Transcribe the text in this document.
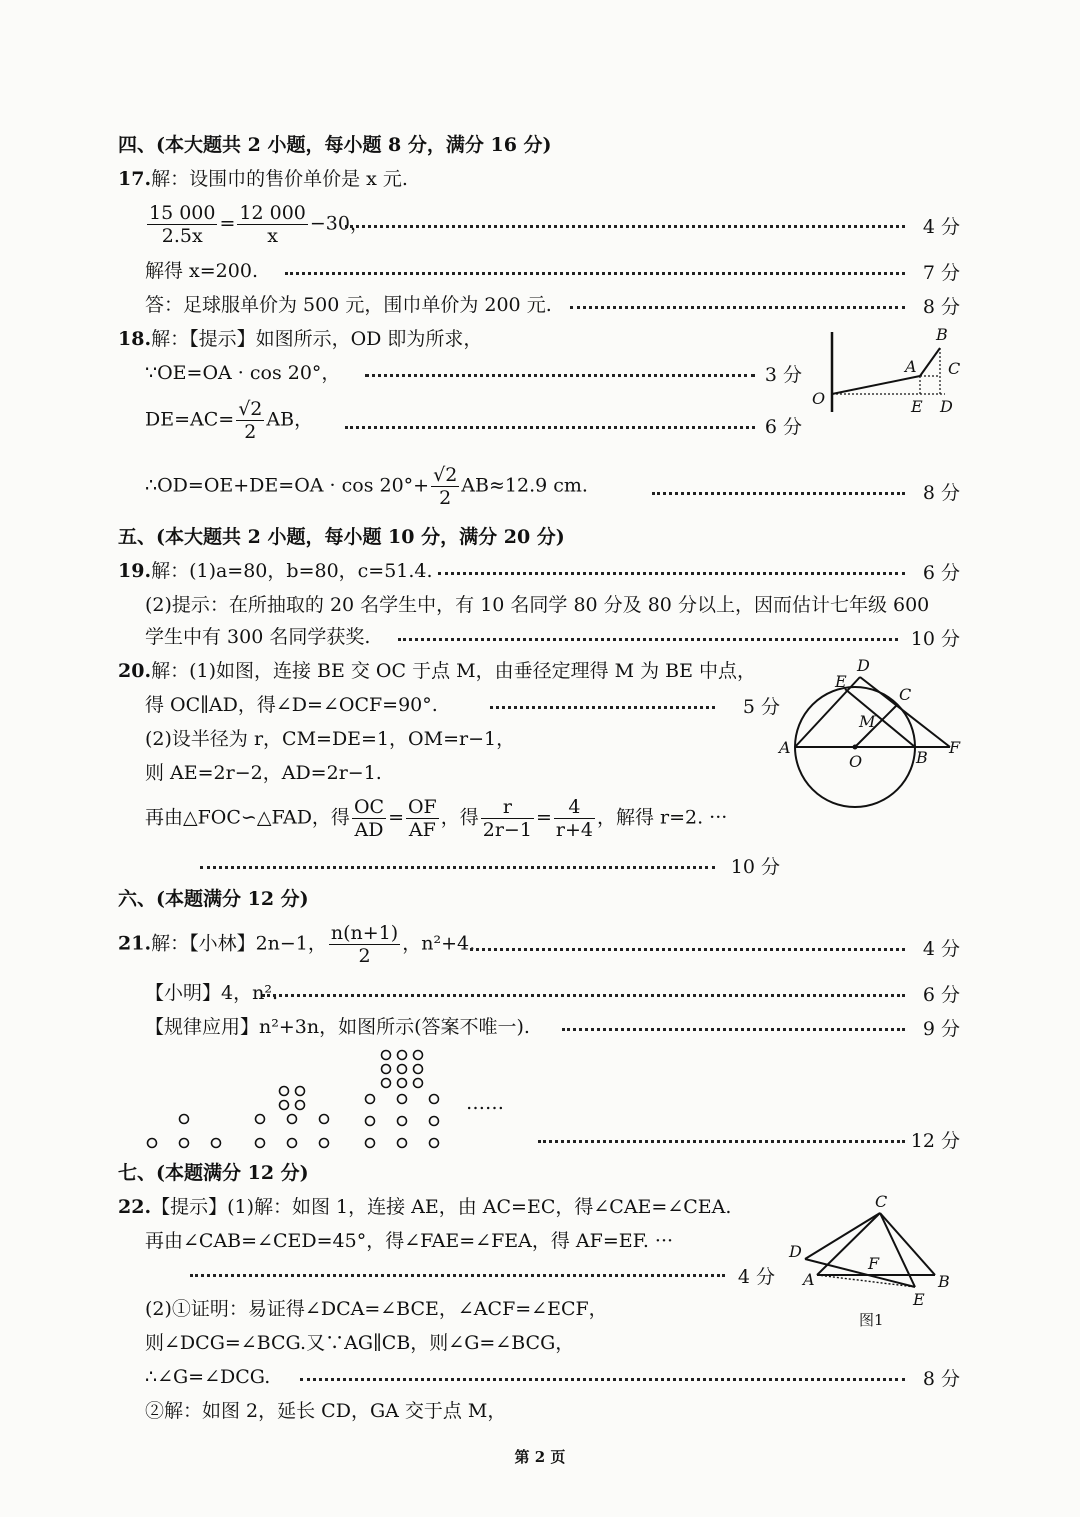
四、(本大题共 2 小题，每小题 8 分，满分 16 分)
17.解：设围巾的售价单价是 x 元.
$\frac{15 000}{2.5x} = \frac{12 000}{x} -30$，	4 分
解得 x=200.	7 分
答：足球服单价为 500 元，围巾单价为 200 元.	8 分
18.解：【提示】如图所示，OD 即为所求，
∵OE=OA · cos 20°，	3 分
$DE=AC= \frac{√2}{2}$ AB，	6 分
∴OD=OE+DE=OA · $\cos 20^\circ+ \frac{√2}{2} AB\approx 12.9$ cm.	8 分
B
A C
O	E D
五、(本大题共 2 小题，每小题 10 分，满分 20 分)
19.解：(1)a=80，b=80，c=51.4.	6 分
(2)提示：在所抽取的 20 名学生中，有 10 名同学 80 分及 80 分以上，因而估计七年级 600
学生中有 300 名同学获奖.	10 分
20.解：(1)如图，连接 BE 交 OC 于点 M，由垂径定理得 M 为 BE 中点，
得 OC∥AD，得∠D=∠OCF=90°.	5 分
(2)设半径为 r，CM=DE=1，OM=r−1，
则 AE=2r−2，AD=2r−1.
再由△FOC∽△FAD，得 $\frac{OC}{AD} = \frac{OF}{AF}$ ，得 $\frac{r}{2r-1} = \frac{4}{r+4}$ ，解得 r=2. ···
10 分
D
E
C
M
A
O	B
F
六、(本题满分 12 分)
21.解：【小林】2n−1， $\frac{n(n+1)}{2}$ ，n²+4.	4 分
【小明】4，n².	6 分
【规律应用】n²+3n，如图所示(答案不唯一).	9 分
……
12 分
七、(本题满分 12 分)
22.【提示】(1)解：如图 1，连接 AE，由 AC=EC，得∠CAE=∠CEA.
再由∠CAB=∠CED=45°，得∠FAE=∠FEA，得 AF=EF. ···
4 分
(2)①证明：易证得∠DCA=∠BCE，∠ACF=∠ECF，
则∠DCG=∠BCG.又∵AG∥CB，则∠G=∠BCG，
∴∠G=∠DCG.	8 分
②解：如图 2，延长 CD，GA 交于点 M，
C
D
F
A	B
E
图1
第 2 页
